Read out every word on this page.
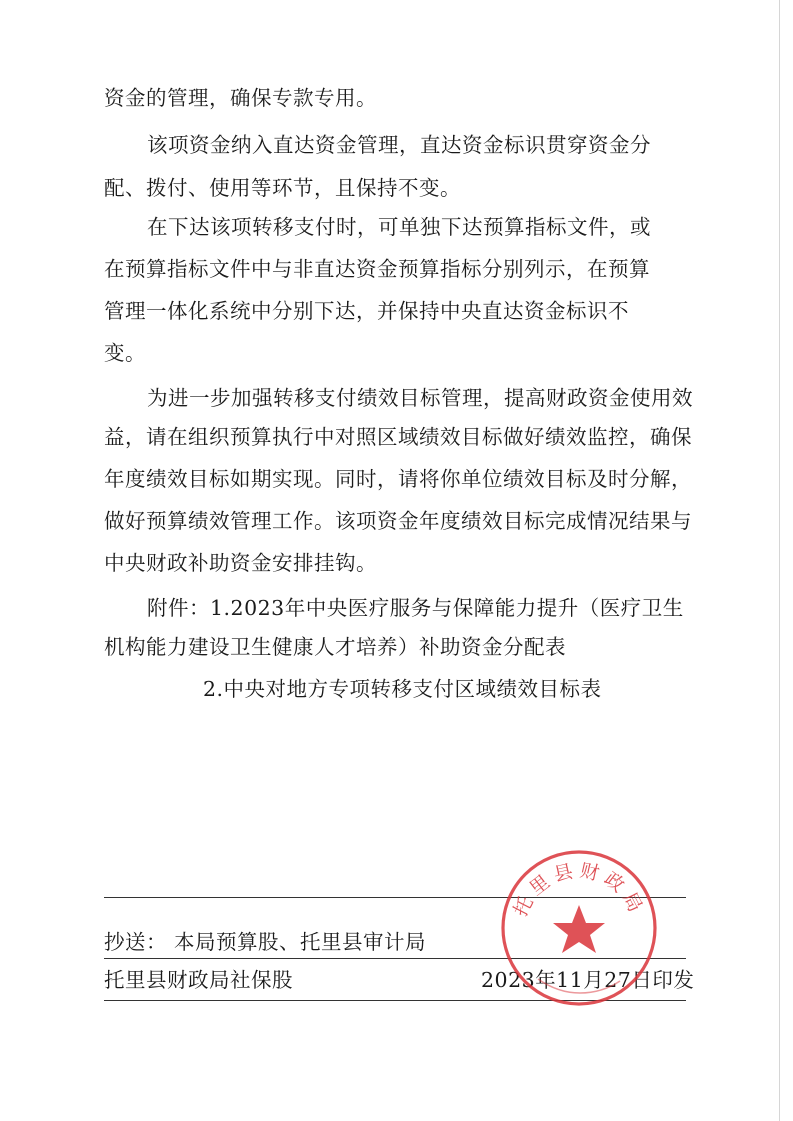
资金的管理，确保专款专用。
该项资金纳入直达资金管理，直达资金标识贯穿资金分
配、拨付、使用等环节，且保持不变。
在下达该项转移支付时，可单独下达预算指标文件，或
在预算指标文件中与非直达资金预算指标分别列示，在预算
管理一体化系统中分别下达，并保持中央直达资金标识不
变。
为进一步加强转移支付绩效目标管理，提高财政资金使用效
益，请在组织预算执行中对照区域绩效目标做好绩效监控，确保
年度绩效目标如期实现。同时，请将你单位绩效目标及时分解，
做好预算绩效管理工作。该项资金年度绩效目标完成情况结果与
中央财政补助资金安排挂钩。
附件：1.2023年中央医疗服务与保障能力提升（医疗卫生
机构能力建设卫生健康人才培养）补助资金分配表
2.中央对地方专项转移支付区域绩效目标表
抄送： 本局预算股、托里县审计局
托里县财政局社保股	2023年11月27日印发
托里县财政局
